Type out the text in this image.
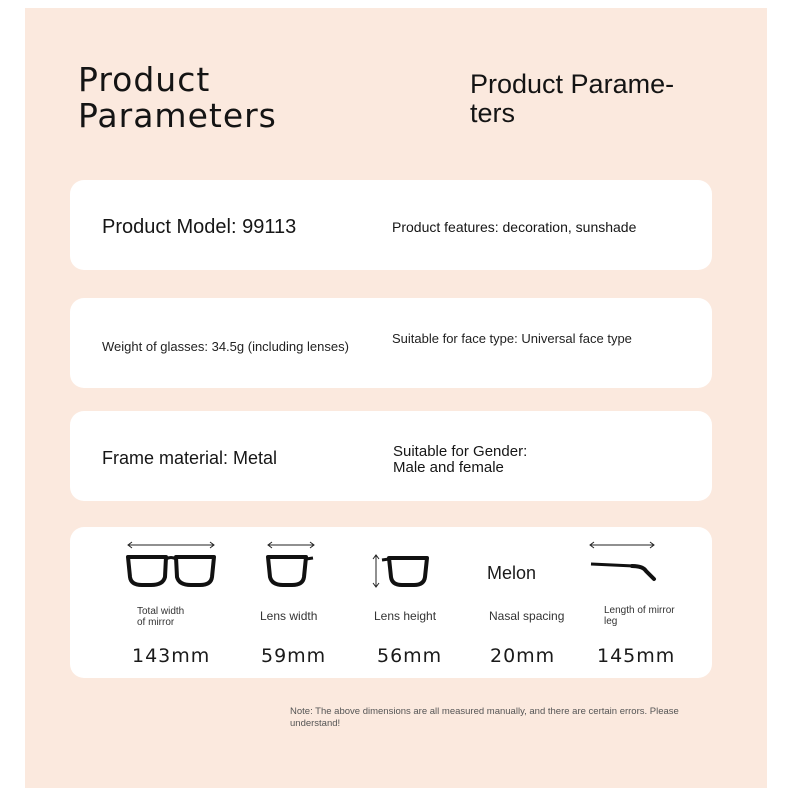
Product
Parameters
Product Parame-
ters
Product Model: 99113	Product features: decoration, sunshade
Weight of glasses: 34.5g (including lenses)
Suitable for face type: Universal face type
Frame material: Metal	Suitable for Gender:
Male and female
Total width
of mirror
143mm
Lens width
59mm
Lens height
56mm
Melon
Nasal spacing
20mm
Length of mirror
leg
145mm
Note: The above dimensions are all measured manually, and there are certain errors. Please understand!
